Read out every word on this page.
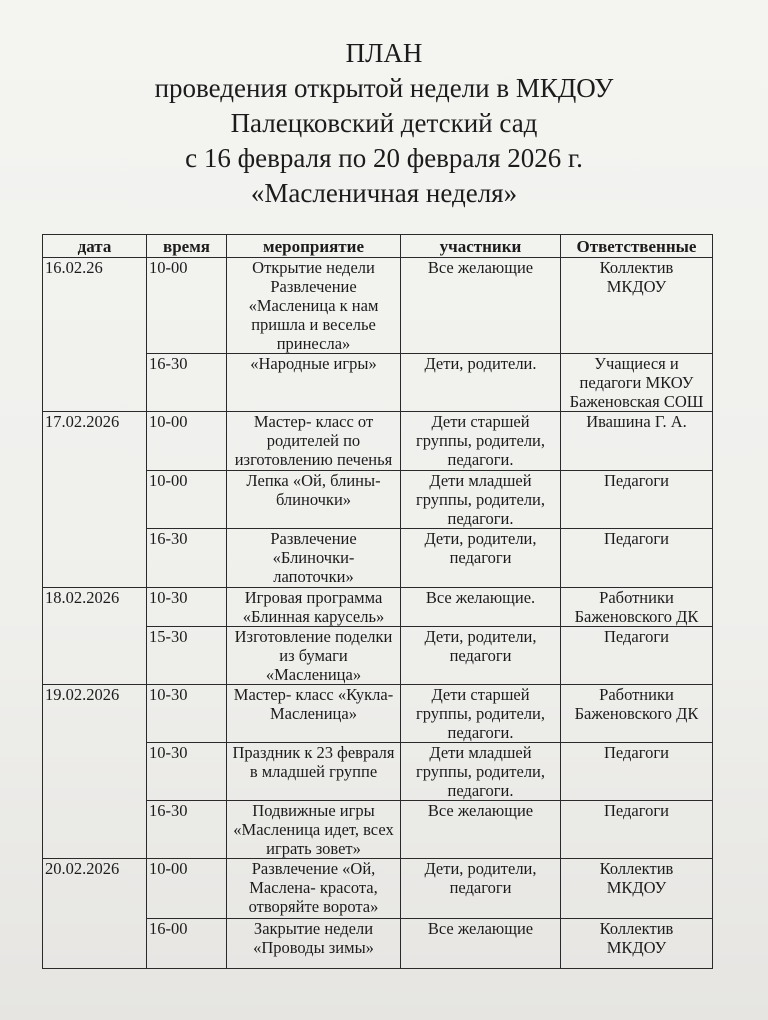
ПЛАН
проведения открытой недели в МКДОУ
Палецковский детский сад
с 16 февраля по 20 февраля 2026 г.
«Масленичная неделя»
дата	время	мероприятие	участники	Ответственные
16.02.26	10-00	Открытие недели
Развлечение
«Масленица к нам
пришла и веселье
принесла»	Все желающие	Коллектив
МКДОУ

	16-30	«Народные игры»	Дети, родители.	Учащиеся и
педагоги МКОУ
Баженовская СОШ

17.02.2026	10-00	Мастер- класс от
родителей по
изготовлению печенья	Дети старшей
группы, родители,
педагоги.	Ивашина Г. А.

	10-00	Лепка «Ой, блины-
блиночки»	Дети младшей
группы, родители,
педагоги.	Педагоги

	16-30	Развлечение
«Блиночки-
лапоточки»	Дети, родители,
педагоги	Педагоги

18.02.2026	10-30	Игровая программа
«Блинная карусель»	Все желающие.	Работники
Баженовского ДК

	15-30	Изготовление поделки
из бумаги
«Масленица»	Дети, родители,
педагоги	Педагоги

19.02.2026	10-30	Мастер- класс «Кукла-
Масленица»	Дети старшей
группы, родители,
педагоги.	Работники
Баженовского ДК

	10-30	Праздник к 23 февраля
в младшей группе	Дети младшей
группы, родители,
педагоги.	Педагоги

	16-30	Подвижные игры
«Масленица идет, всех
играть зовет»	Все желающие	Педагоги

20.02.2026	10-00	Развлечение «Ой,
Маслена- красота,
отворяйте ворота»	Дети, родители,
педагоги	Коллектив
МКДОУ

	16-00	Закрытие недели
«Проводы зимы»	Все желающие	Коллектив
МКДОУ
